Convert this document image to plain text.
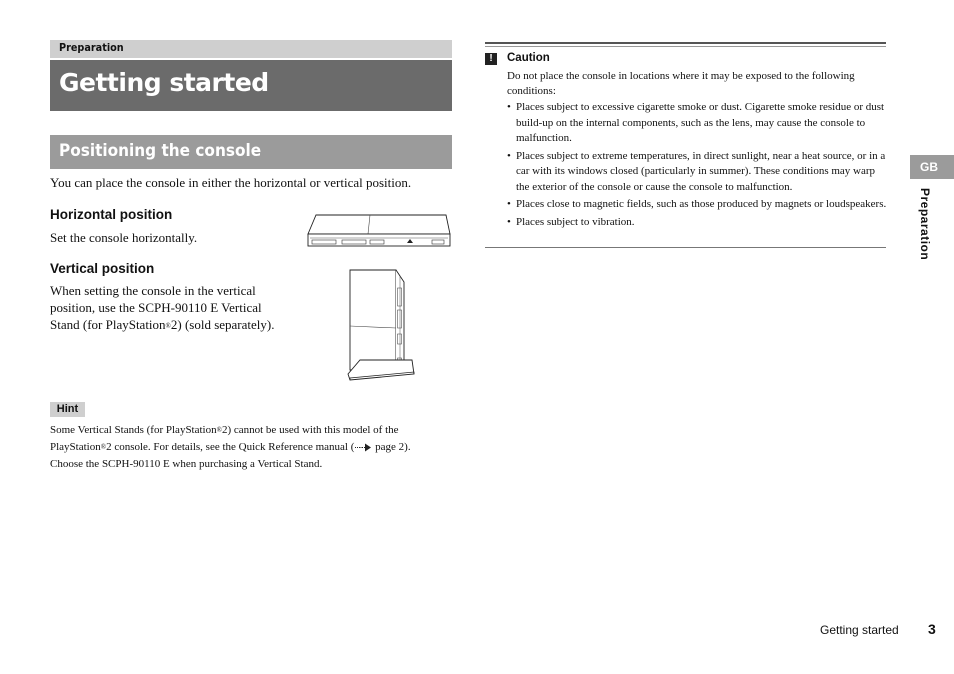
Preparation
Getting started
Positioning the console
You can place the console in either the horizontal or vertical position.
Horizontal position
Set the console horizontally.
Vertical position
When setting the console in the vertical
position, use the SCPH-90110 E Vertical
Stand (for PlayStation®2) (sold separately).
Hint
Some Vertical Stands (for PlayStation®2) cannot be used with this model of the
PlayStation®2 console. For details, see the Quick Reference manual ( page 2).
Choose the SCPH-90110 E when purchasing a Vertical Stand.
!	Caution
Do not place the console in locations where it may be exposed to the following conditions:
• Places subject to excessive cigarette smoke or dust. Cigarette smoke residue or dust build-up on the internal components, such as the lens, may cause the console to malfunction.
• Places subject to extreme temperatures, in direct sunlight, near a heat source, or in a car with its windows closed (particularly in summer). These conditions may warp the exterior of the console or cause the console to malfunction.
• Places close to magnetic fields, such as those produced by magnets or loudspeakers.
• Places subject to vibration.
GB
Preparation
Getting started 3
